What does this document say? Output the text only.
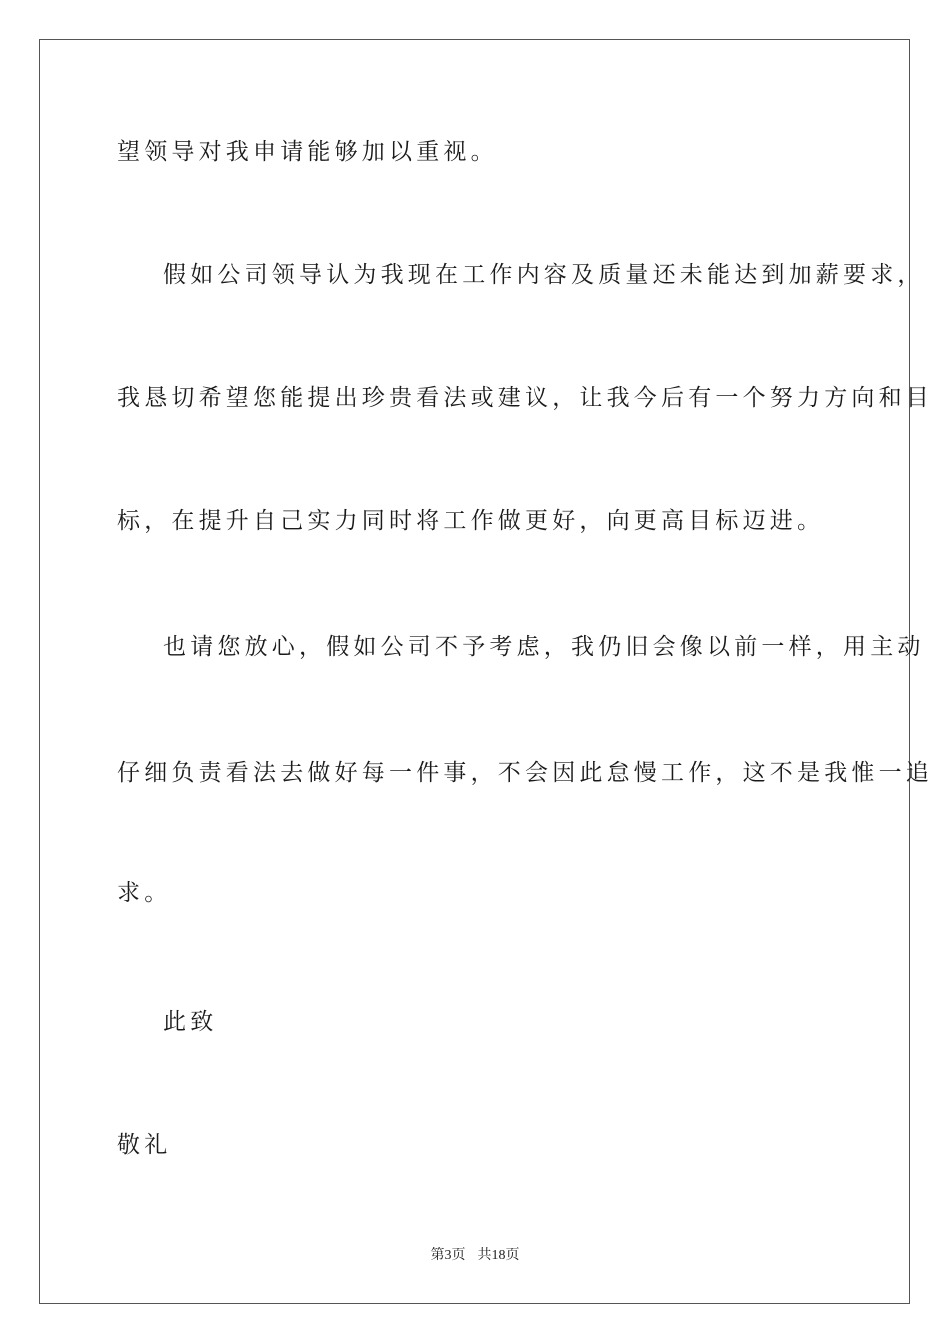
望领导对我申请能够加以重视。
假如公司领导认为我现在工作内容及质量还未能达到加薪要求，
我恳切希望您能提出珍贵看法或建议，让我今后有一个努力方向和目
标，在提升自己实力同时将工作做更好，向更高目标迈进。
也请您放心，假如公司不予考虑，我仍旧会像以前一样，用主动
仔细负责看法去做好每一件事，不会因此怠慢工作，这不是我惟一追
求。
此致
敬礼
第3页 共18页
